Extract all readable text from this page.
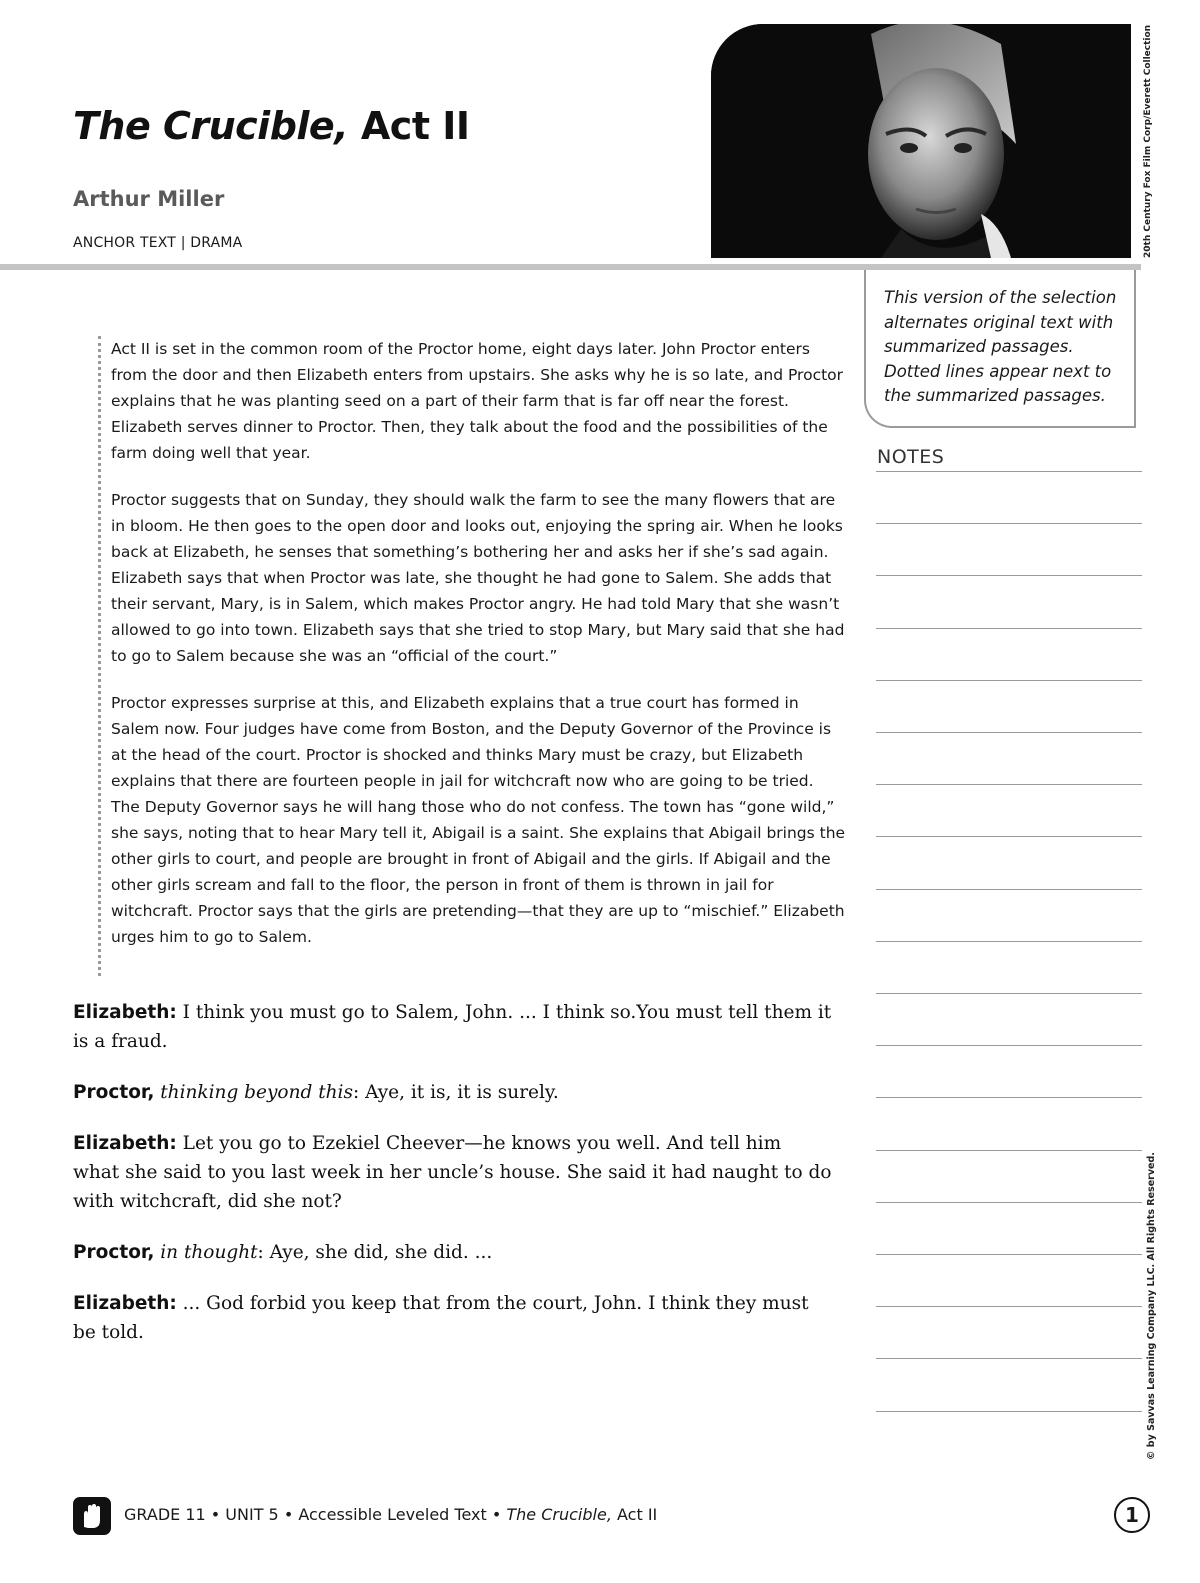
The Crucible, Act II
Arthur Miller
ANCHOR TEXT | DRAMA	20th Century Fox Film Corp/Everett Collection
This version of the selection alternates original text with summarized passages. Dotted lines appear next to the summarized passages.
NOTES

Act II is set in the common room of the Proctor home, eight days later. John Proctor enters from the door and then Elizabeth enters from upstairs. She asks why he is so late, and Proctor explains that he was planting seed on a part of their farm that is far off near the forest. Elizabeth serves dinner to Proctor. Then, they talk about the food and the possibilities of the farm doing well that year.

Proctor suggests that on Sunday, they should walk the farm to see the many flowers that are in bloom. He then goes to the open door and looks out, enjoying the spring air. When he looks back at Elizabeth, he senses that something’s bothering her and asks her if she’s sad again. Elizabeth says that when Proctor was late, she thought he had gone to Salem. She adds that their servant, Mary, is in Salem, which makes Proctor angry. He had told Mary that she wasn’t allowed to go into town. Elizabeth says that she tried to stop Mary, but Mary said that she had to go to Salem because she was an “official of the court.”

Proctor expresses surprise at this, and Elizabeth explains that a true court has formed in Salem now. Four judges have come from Boston, and the Deputy Governor of the Province is at the head of the court. Proctor is shocked and thinks Mary must be crazy, but Elizabeth explains that there are fourteen people in jail for witchcraft now who are going to be tried. The Deputy Governor says he will hang those who do not confess. The town has “gone wild,” she says, noting that to hear Mary tell it, Abigail is a saint. She explains that Abigail brings the other girls to court, and people are brought in front of Abigail and the girls. If Abigail and the other girls scream and fall to the floor, the person in front of them is thrown in jail for witchcraft. Proctor says that the girls are pretending—that they are up to “mischief.” Elizabeth urges him to go to Salem.

Elizabeth: I think you must go to Salem, John. ... I think so.You must tell them it is a fraud.

Proctor, thinking beyond this: Aye, it is, it is surely.

Elizabeth: Let you go to Ezekiel Cheever—he knows you well. And tell him what she said to you last week in her uncle’s house. She said it had naught to do with witchcraft, did she not?

Proctor, in thought: Aye, she did, she did. ...

Elizabeth: ... God forbid you keep that from the court, John. I think they must be told.	© by Savvas Learning Company LLC. All Rights Reserved.
GRADE 11 • UNIT 5 • Accessible Leveled Text • The Crucible, Act II	1
